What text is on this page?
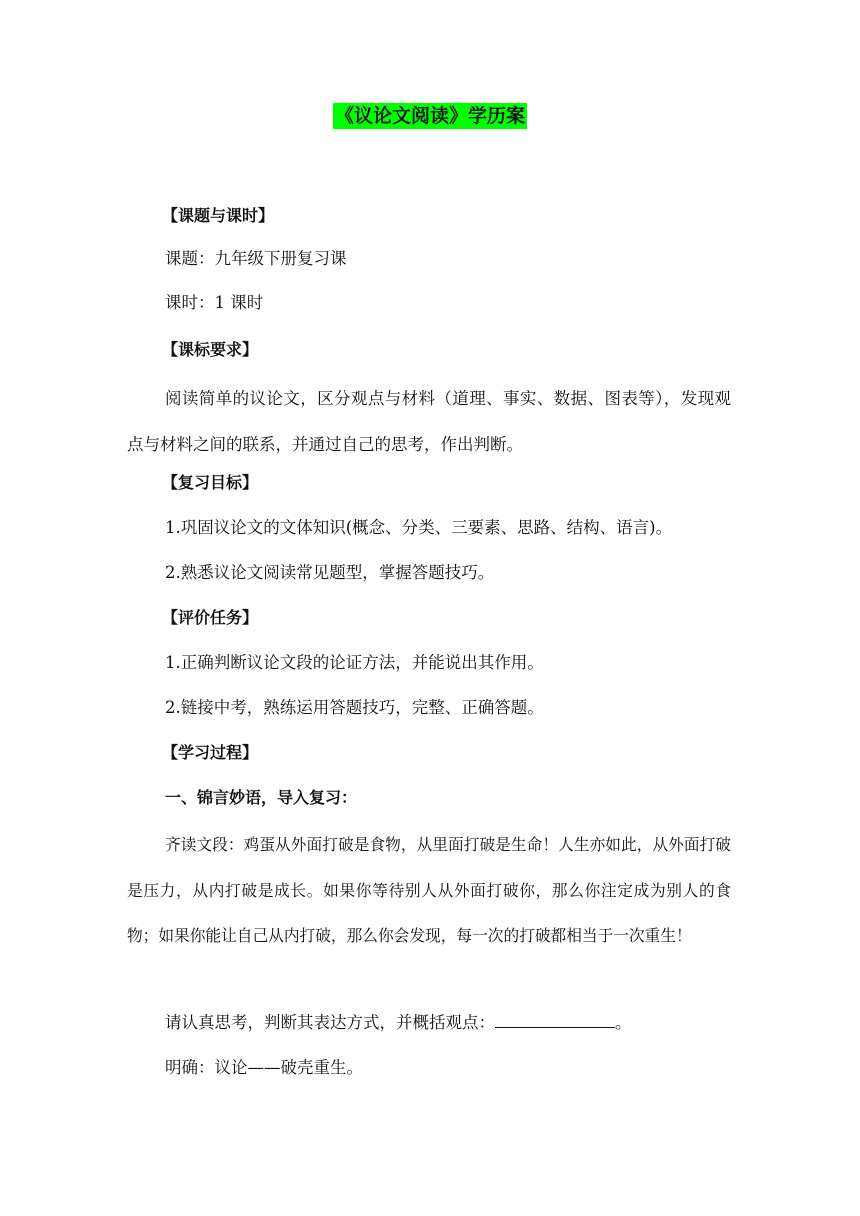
《议论文阅读》学历案
【课题与课时】
课题：九年级下册复习课
课时：1 课时
【课标要求】
阅读简单的议论文，区分观点与材料（道理、事实、数据、图表等），发现观点与材料之间的联系，并通过自己的思考，作出判断。
【复习目标】
1.巩固议论文的文体知识(概念、分类、三要素、思路、结构、语言)。
2.熟悉议论文阅读常见题型，掌握答题技巧。
【评价任务】
1.正确判断议论文段的论证方法，并能说出其作用。
2.链接中考，熟练运用答题技巧，完整、正确答题。
【学习过程】
一、锦言妙语，导入复习：
齐读文段：鸡蛋从外面打破是食物，从里面打破是生命！人生亦如此，从外面打破是压力，从内打破是成长。如果你等待别人从外面打破你，那么你注定成为别人的食物；如果你能让自己从内打破，那么你会发现，每一次的打破都相当于一次重生！
请认真思考，判断其表达方式，并概括观点：	。
明确：议论——破壳重生。
